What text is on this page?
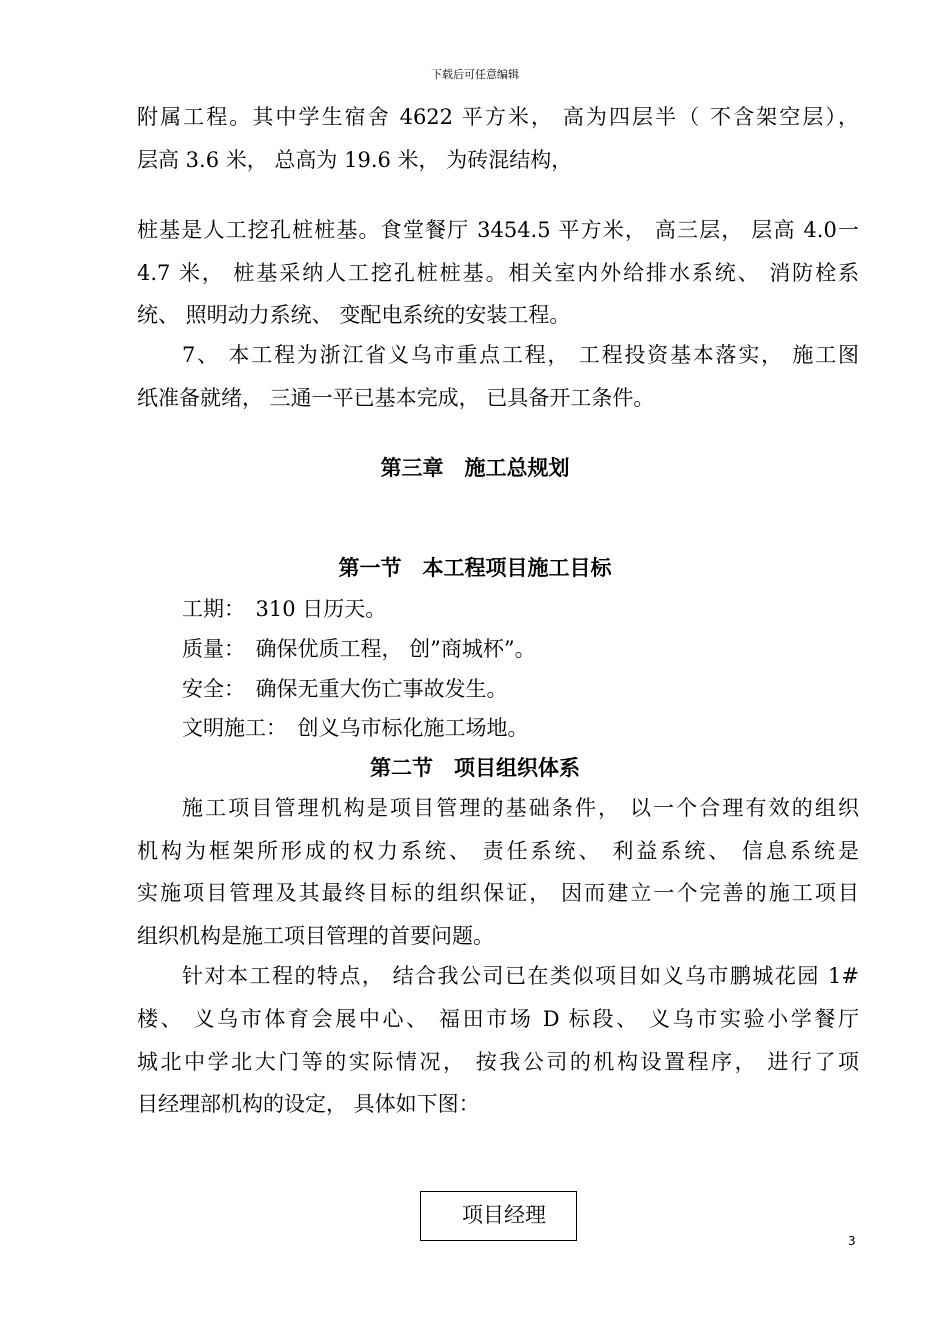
下载后可任意编辑
附属工程。其中学生宿舍 4622 平方米， 高为四层半（ 不含架空层），
层高 3.6 米， 总高为 19.6 米， 为砖混结构，
桩基是人工挖孔桩桩基。食堂餐厅 3454.5 平方米， 高三层， 层高 4.0一
4.7 米， 桩基采纳人工挖孔桩桩基。相关室内外给排水系统、 消防栓系
统、 照明动力系统、 变配电系统的安装工程。
7、 本工程为浙江省义乌市重点工程， 工程投资基本落实， 施工图
纸准备就绪， 三通一平已基本完成， 已具备开工条件。
第三章　施工总规划
第一节　本工程项目施工目标
工期：　310 日历天。
质量：　确保优质工程， 创”商城杯”。
安全：　确保无重大伤亡事故发生。
文明施工：　创义乌市标化施工场地。
第二节　项目组织体系
施工项目管理机构是项目管理的基础条件， 以一个合理有效的组织
机构为框架所形成的权力系统、 责任系统、 利益系统、 信息系统是
实施项目管理及其最终目标的组织保证， 因而建立一个完善的施工项目
组织机构是施工项目管理的首要问题。
针对本工程的特点， 结合我公司已在类似项目如义乌市鹏城花园 1#
楼、 义乌市体育会展中心、 福田市场 D 标段、 义乌市实验小学餐厅
城北中学北大门等的实际情况， 按我公司的机构设置程序， 进行了项
目经理部机构的设定， 具体如下图：
项目经理
3
